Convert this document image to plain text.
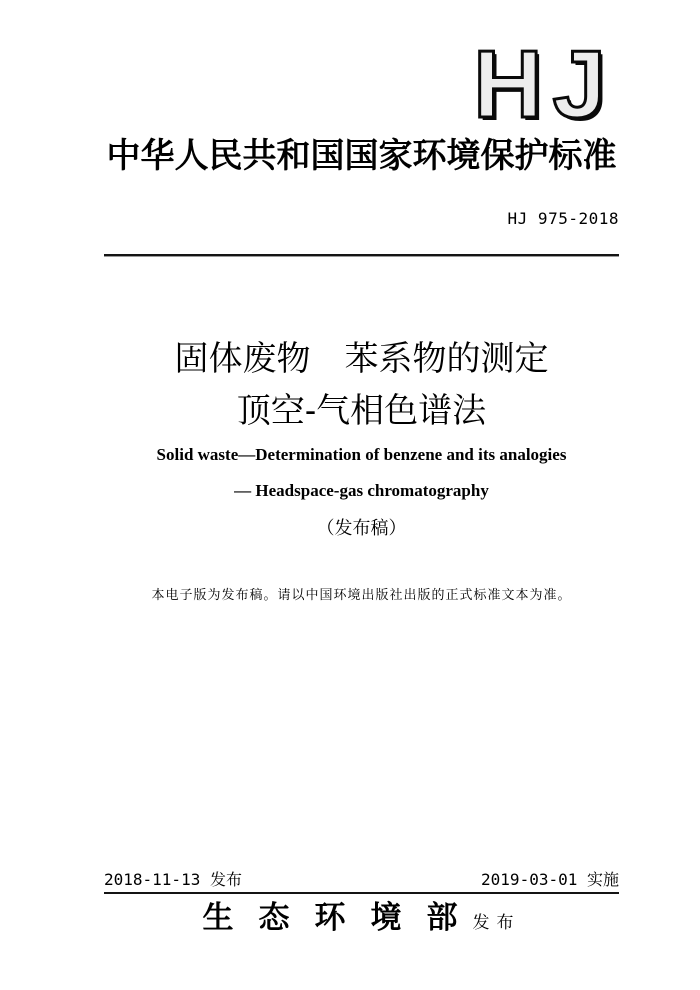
HJ
中华人民共和国国家环境保护标准
HJ 975-2018
固体废物　苯系物的测定
顶空-气相色谱法
Solid waste—Determination of benzene and its analogies
— Headspace-gas chromatography
（发布稿）
本电子版为发布稿。请以中国环境出版社出版的正式标准文本为准。
2018-11-13 发布	2019-03-01 实施
生态环境部
发布
